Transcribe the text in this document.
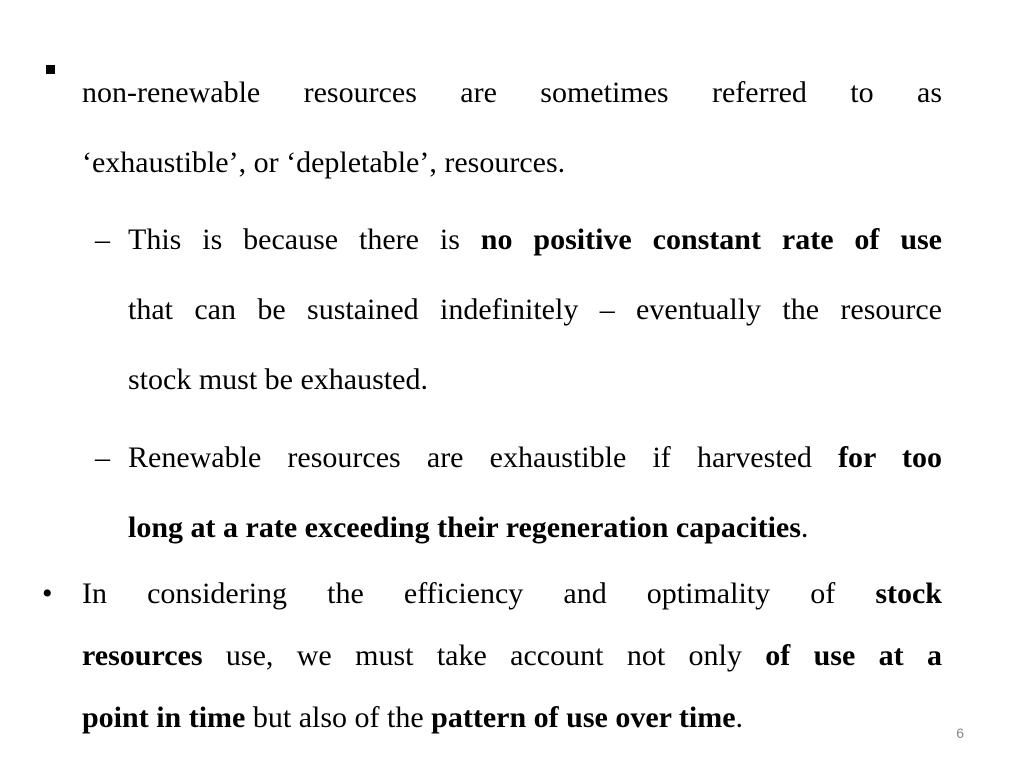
non-renewable resources are sometimes referred to as
‘exhaustible’, or ‘depletable’, resources.
– This is because there is no positive constant rate of use
that can be sustained indefinitely – eventually the resource
stock must be exhausted.
– Renewable resources are exhaustible if harvested for too
long at a rate exceeding their regeneration capacities.
• In considering the efficiency and optimality of stock
resources use, we must take account not only of use at a
point in time but also of the pattern of use over time.	6
